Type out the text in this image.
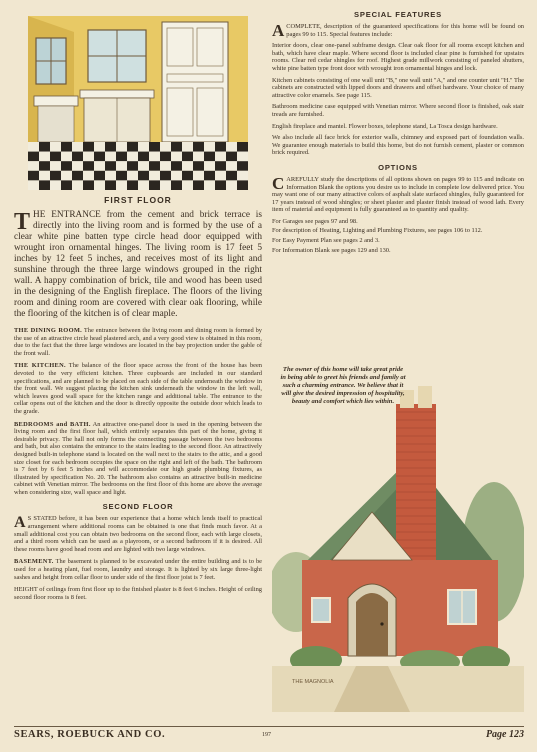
FIRST FLOOR

THE ENTRANCE from the cement and brick terrace is directly into the living room and is formed by the use of a clear white pine batten type circle head door equipped with wrought iron ornamental hinges. The living room is 17 feet 5 inches by 12 feet 5 inches, and receives most of its light and sunshine through the three large windows grouped in the right wall. A happy combination of brick, tile and wood has been used in the designing of the English fireplace. The floors of the living room and dining room are covered with clear oak flooring, while the flooring of the kitchen is of clear maple.

THE DINING ROOM. The entrance between the living room and dining room is formed by the use of an attractive circle head plastered arch, and a very good view is obtained in this room, due to the fact that the three large windows are located in the bay projection under the gable of the front wall.

THE KITCHEN. The balance of the floor space across the front of the house has been devoted to the very efficient kitchen. Three cupboards are included in our standard specifications, and are planned to be placed on each side of the table underneath the window in the front wall. We suggest placing the kitchen sink underneath the window in the left wall, which leaves good wall space for the kitchen range and additional table. The entrance to the cellar opens out of the kitchen and the door is directly opposite the outside door which leads to the grade.

BEDROOMS and BATH. An attractive one-panel door is used in the opening between the living room and the first floor hall, which entirely separates this part of the home, giving it desirable privacy. The hall not only forms the connecting passage between the two bedrooms and bath, but also contains the entrance to the stairs leading to the second floor. An attractively designed built-in telephone stand is located on the wall next to the stairs to the attic, and a good size closet for each bedroom occupies the space on the right and left of the bath. The bathroom is 7 feet by 6 feet 5 inches and will accommodate our high grade plumbing fixtures, as illustrated by specification No. 20. The bathroom also contains an attractive built-in medicine cabinet with Venetian mirror. The bedrooms on the first floor of this home are above the average when considering size, wall space and light.

SECOND FLOOR

A S STATED before, it has been our experience that a home which lends itself to practical arrangement where additional rooms can be obtained is one that finds much favor. At a small additional cost you can obtain two bedrooms on the second floor, each with large closets, and a third room which can be used as a playroom, or a second bathroom if it is desired. All these rooms have good head room and are lighted with two large windows.

BASEMENT. The basement is planned to be excavated under the entire building and is to be used for a heating plant, fuel room, laundry and storage. It is lighted by six large three-light sashes and height from cellar floor to under side of the first floor joist is 7 feet.

HEIGHT of ceilings from first floor up to the finished plaster is 8 feet 6 inches. Height of ceiling second floor rooms is 8 feet.

SPECIAL FEATURES

A COMPLETE, description of the guaranteed specifications for this home will be found on pages 99 to 115. Special features include:

Interior doors, clear one-panel subframe design. Clear oak floor for all rooms except kitchen and bath, which have clear maple. Where second floor is included clear pine is furnished for upstairs rooms. Clear red cedar shingles for roof. Highest grade millwork consisting of paneled shutters, white pine batten type front door with wrought iron ornamental hinges and lock.

Kitchen cabinets consisting of one wall unit "B," one wall unit "A," and one counter unit "H." The cabinets are constructed with lipped doors and drawers and offset hardware. Your choice of many attractive color enamels. See page 115.

Bathroom medicine case equipped with Venetian mirror. Where second floor is finished, oak stair treads are furnished.

English fireplace and mantel. Flower boxes, telephone stand, La Tosca design hardware.

We also include all face brick for exterior walls, chimney and exposed part of foundation walls. We guarantee enough materials to build this home, but do not furnish cement, plaster or common brick required.

OPTIONS

CAREFULLY study the descriptions of all options shown on pages 99 to 115 and indicate on Information Blank the options you desire us to include in complete low delivered price. You may want one of our many attractive colors of asphalt slate surfaced shingles, fully guaranteed for 17 years instead of wood shingles; or sheet plaster and plaster finish instead of wood lath. Every item of material and equipment is fully guaranteed as to quantity and quality.

For Garages see pages 97 and 98.

For description of Heating, Lighting and Plumbing Fixtures, see pages 106 to 112.

For Easy Payment Plan see pages 2 and 3.

For Information Blank see pages 129 and 130.

THE MAGNOLIA
The owner of this home will take great pride in being able to greet his friends and family at such a charming entrance. We believe that it will give the desired impression of hospitality, beauty and comfort which lies within.
SEARS, ROEBUCK AND CO.	197	Page 123
